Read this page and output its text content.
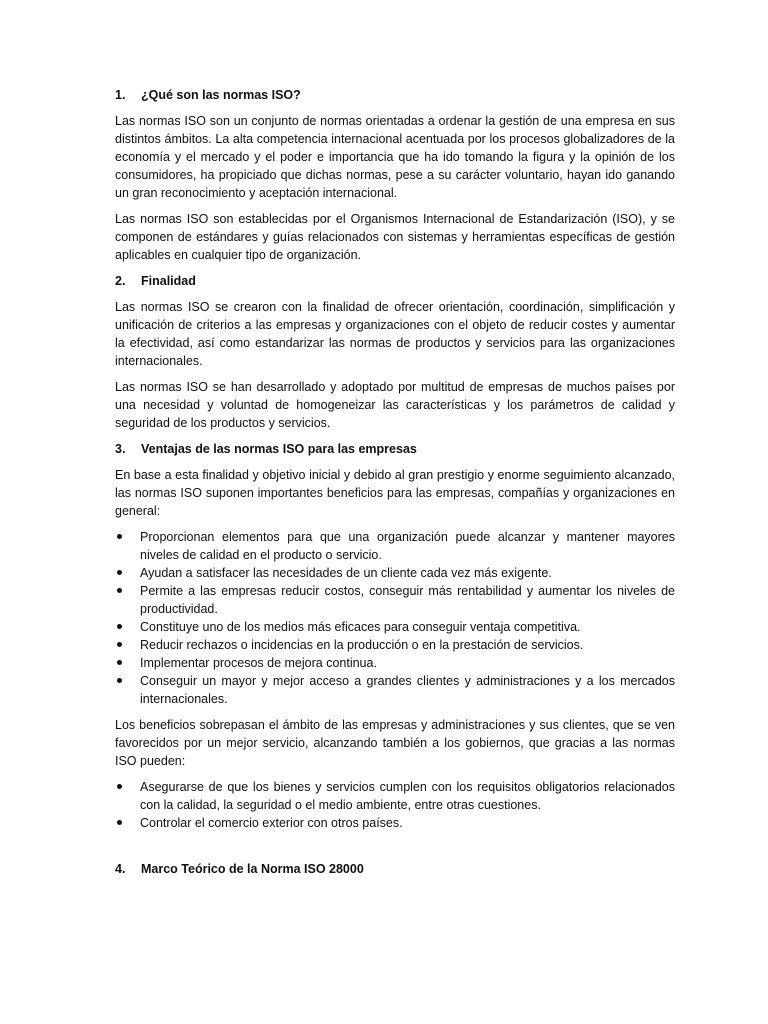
1.	¿Qué son las normas ISO?

Las normas ISO son un conjunto de normas orientadas a ordenar la gestión de una empresa en sus distintos ámbitos. La alta competencia internacional acentuada por los procesos globalizadores de la economía y el mercado y el poder e importancia que ha ido tomando la figura y la opinión de los consumidores, ha propiciado que dichas normas, pese a su carácter voluntario, hayan ido ganando un gran reconocimiento y aceptación internacional.

Las normas ISO son establecidas por el Organismos Internacional de Estandarización (ISO), y se componen de estándares y guías relacionados con sistemas y herramientas específicas de gestión aplicables en cualquier tipo de organización.

2.	Finalidad

Las normas ISO se crearon con la finalidad de ofrecer orientación, coordinación, simplificación y unificación de criterios a las empresas y organizaciones con el objeto de reducir costes y aumentar la efectividad, así como estandarizar las normas de productos y servicios para las organizaciones internacionales.

Las normas ISO se han desarrollado y adoptado por multitud de empresas de muchos países por una necesidad y voluntad de homogeneizar las características y los parámetros de calidad y seguridad de los productos y servicios.

3.	Ventajas de las normas ISO para las empresas

En base a esta finalidad y objetivo inicial y debido al gran prestigio y enorme seguimiento alcanzado, las normas ISO suponen importantes beneficios para las empresas, compañías y organizaciones en general:

Proporcionan elementos para que una organización puede alcanzar y mantener mayores niveles de calidad en el producto o servicio.
Ayudan a satisfacer las necesidades de un cliente cada vez más exigente.
Permite a las empresas reducir costos, conseguir más rentabilidad y aumentar los niveles de productividad.
Constituye uno de los medios más eficaces para conseguir ventaja competitiva.
Reducir rechazos o incidencias en la producción o en la prestación de servicios.
Implementar procesos de mejora continua.
Conseguir un mayor y mejor acceso a grandes clientes y administraciones y a los mercados internacionales.

Los beneficios sobrepasan el ámbito de las empresas y administraciones y sus clientes, que se ven favorecidos por un mejor servicio, alcanzando también a los gobiernos, que gracias a las normas ISO pueden:

Asegurarse de que los bienes y servicios cumplen con los requisitos obligatorios relacionados con la calidad, la seguridad o el medio ambiente, entre otras cuestiones.
Controlar el comercio exterior con otros países.
4.	Marco Teórico de la Norma ISO 28000
